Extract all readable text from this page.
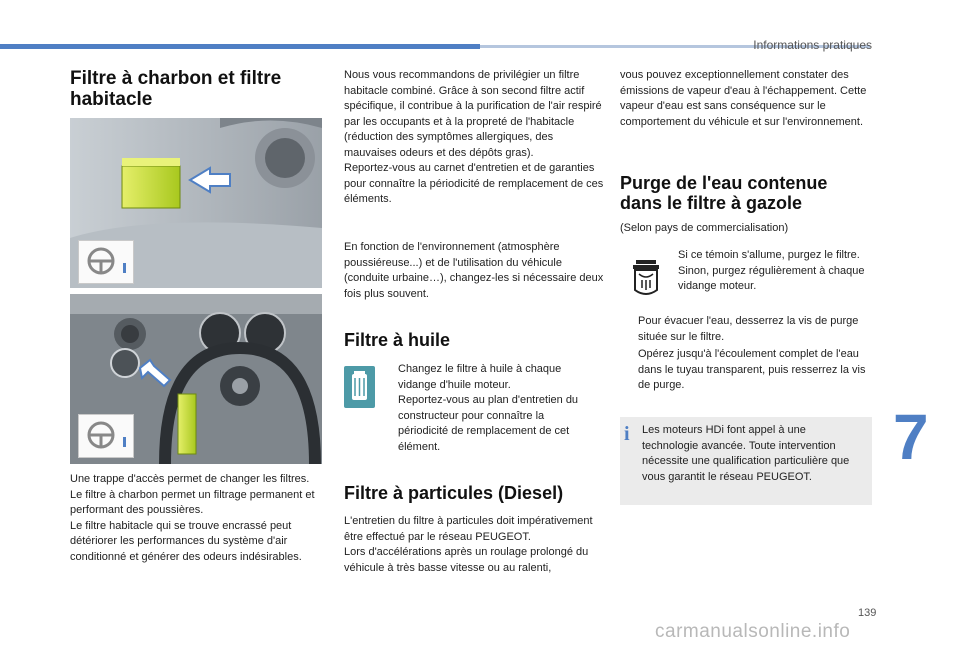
Informations pratiques
Filtre à charbon et filtre habitacle

Une trappe d'accès permet de changer les filtres.
Le filtre à charbon permet un filtrage permanent et performant des poussières.
Le filtre habitacle qui se trouve encrassé peut détériorer les performances du système d'air conditionné et générer des odeurs indésirables.

Nous vous recommandons de privilégier un filtre habitacle combiné. Grâce à son second filtre actif spécifique, il contribue à la purification de l'air respiré par les occupants et à la propreté de l'habitacle (réduction des symptômes allergiques, des mauvaises odeurs et des dépôts gras).
Reportez-vous au carnet d'entretien et de garanties pour connaître la périodicité de remplacement de ces éléments.

En fonction de l'environnement (atmosphère poussiéreuse...) et de l'utilisation du véhicule (conduite urbaine…), changez-les si nécessaire deux fois plus souvent.

Filtre à huile

Changez le filtre à huile à chaque vidange d'huile moteur.
Reportez-vous au plan d'entretien du constructeur pour connaître la périodicité de remplacement de cet élément.

Filtre à particules (Diesel)

L'entretien du filtre à particules doit impérativement être effectué par le réseau PEUGEOT.
Lors d'accélérations après un roulage prolongé du véhicule à très basse vitesse ou au ralenti,

vous pouvez exceptionnellement constater des émissions de vapeur d'eau à l'échappement. Cette vapeur d'eau est sans conséquence sur le comportement du véhicule et sur l'environnement.

Purge de l'eau contenue dans le filtre à gazole

(Selon pays de commercialisation)

Si ce témoin s'allume, purgez le filtre. Sinon, purgez régulièrement à chaque vidange moteur.

Pour évacuer l'eau, desserrez la vis de purge située sur le filtre.
Opérez jusqu'à l'écoulement complet de l'eau dans le tuyau transparent, puis resserrez la vis de purge.
i Les moteurs HDi font appel à une technologie avancée. Toute intervention nécessite une qualification particulière que vous garantit le réseau PEUGEOT.

7
139
carmanualsonline.info
